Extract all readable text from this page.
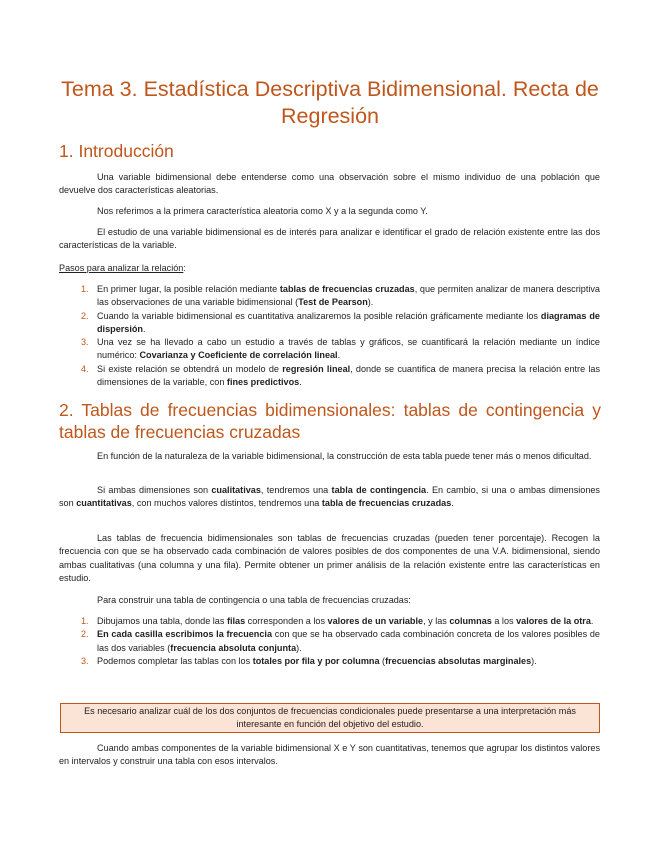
Tema 3. Estadística Descriptiva Bidimensional. Recta de Regresión
1. Introducción
Una variable bidimensional debe entenderse como una observación sobre el mismo individuo de una población que devuelve dos características aleatorias.
Nos referimos a la primera característica aleatoria como X y a la segunda como Y.
El estudio de una variable bidimensional es de interés para analizar e identificar el grado de relación existente entre las dos características de la variable.
Pasos para analizar la relación:
1. En primer lugar, la posible relación mediante tablas de frecuencias cruzadas, que permiten analizar de manera descriptiva las observaciones de una variable bidimensional (Test de Pearson).
2. Cuando la variable bidimensional es cuantitativa analizaremos la posible relación gráficamente mediante los diagramas de dispersión.
3. Una vez se ha llevado a cabo un estudio a través de tablas y gráficos, se cuantificará la relación mediante un índice numérico: Covarianza y Coeficiente de correlación lineal.
4. Si existe relación se obtendrá un modelo de regresión lineal, donde se cuantifica de manera precisa la relación entre las dimensiones de la variable, con fines predictivos.
2. Tablas de frecuencias bidimensionales: tablas de contingencia y tablas de frecuencias cruzadas
En función de la naturaleza de la variable bidimensional, la construcción de esta tabla puede tener más o menos dificultad.
Si ambas dimensiones son cualitativas, tendremos una tabla de contingencia. En cambio, si una o ambas dimensiones son cuantitativas, con muchos valores distintos, tendremos una tabla de frecuencias cruzadas.
Las tablas de frecuencia bidimensionales son tablas de frecuencias cruzadas (pueden tener porcentaje). Recogen la frecuencia con que se ha observado cada combinación de valores posibles de dos componentes de una V.A. bidimensional, siendo ambas cualitativas (una columna y una fila). Permite obtener un primer análisis de la relación existente entre las características en estudio.
Para construir una tabla de contingencia o una tabla de frecuencias cruzadas:
1. Dibujamos una tabla, donde las filas corresponden a los valores de un variable, y las columnas a los valores de la otra.
2. En cada casilla escribimos la frecuencia con que se ha observado cada combinación concreta de los valores posibles de las dos variables (frecuencia absoluta conjunta).
3. Podemos completar las tablas con los totales por fila y por columna (frecuencias absolutas marginales).
Es necesario analizar cuál de los dos conjuntos de frecuencias condicionales puede presentarse a una interpretación más interesante en función del objetivo del estudio.
Cuando ambas componentes de la variable bidimensional X e Y son cuantitativas, tenemos que agrupar los distintos valores en intervalos y construir una tabla con esos intervalos.
